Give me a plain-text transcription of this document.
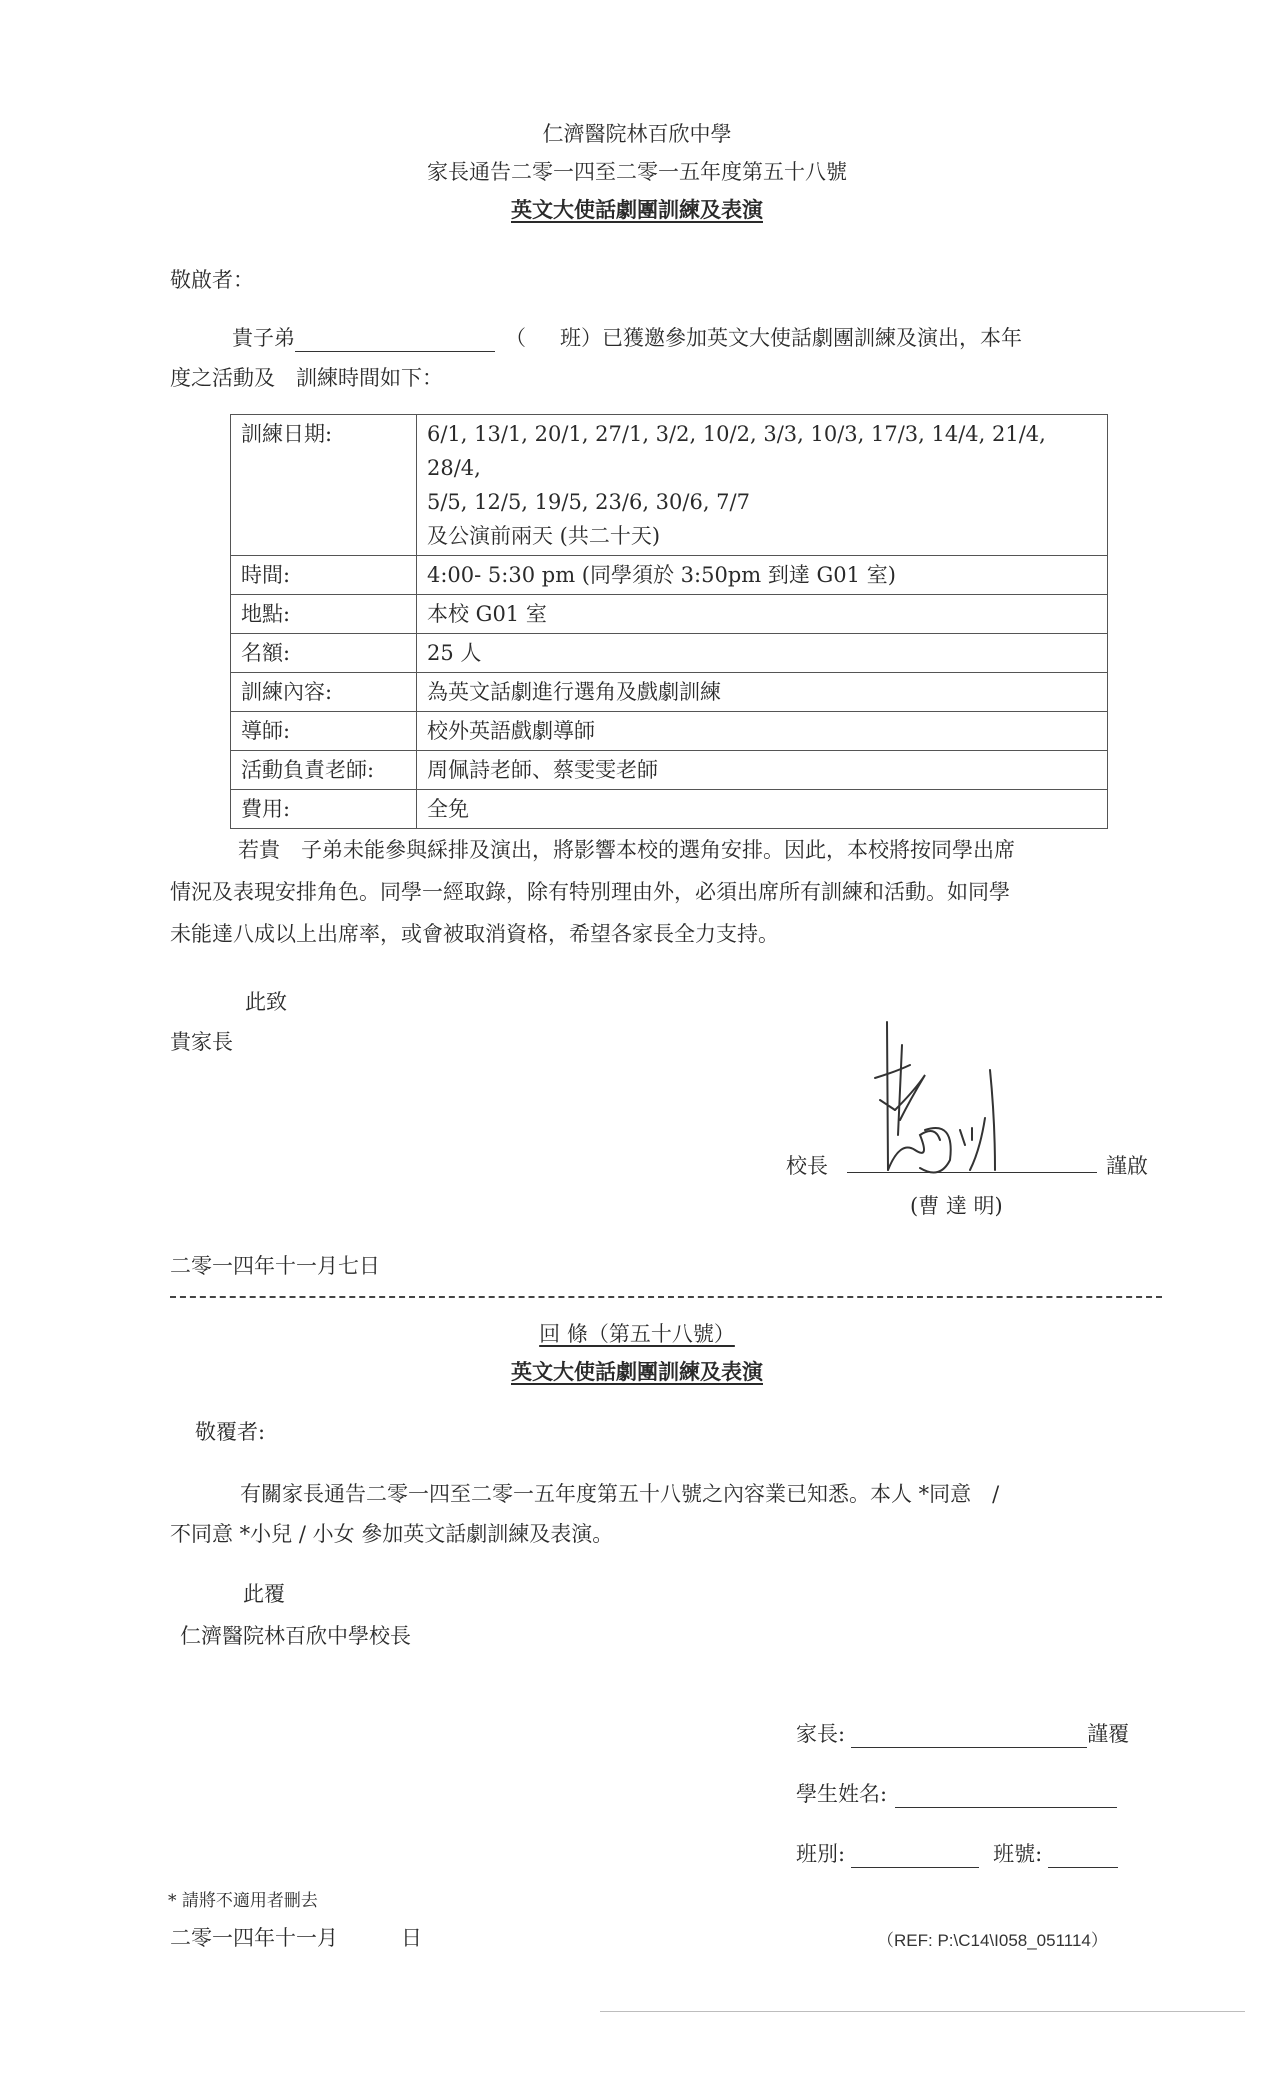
仁濟醫院林百欣中學
家長通告二零一四至二零一五年度第五十八號
英文大使話劇團訓練及表演
敬啟者：
貴子弟	（ 班）已獲邀參加英文大使話劇團訓練及演出，本年
度之活動及　訓練時間如下：
訓練日期:	6/1, 13/1, 20/1, 27/1, 3/2, 10/2, 3/3, 10/3, 17/3, 14/4, 21/4, 28/4,
5/5, 12/5, 19/5, 23/6, 30/6, 7/7
及公演前兩天 (共二十天)

時間:	4:00- 5:30 pm (同學須於 3:50pm 到達 G01 室)
地點:	本校 G01 室
名額:	25 人
訓練內容:	為英文話劇進行選角及戲劇訓練
導師:	校外英語戲劇導師
活動負責老師:	周佩詩老師、蔡雯雯老師
費用:	全免
若貴　子弟未能參與綵排及演出，將影響本校的選角安排。因此，本校將按同學出席
情況及表現安排角色。同學一經取錄，除有特別理由外，必須出席所有訓練和活動。如同學
未能達八成以上出席率，或會被取消資格，希望各家長全力支持。
此致
貴家長
校長	謹啟
(曹 達 明)
二零一四年十一月七日
回 條（第五十八號）
英文大使話劇團訓練及表演
敬覆者:
有關家長通告二零一四至二零一五年度第五十八號之內容業已知悉。本人 *同意　/
不同意 *小兒 / 小女 參加英文話劇訓練及表演。
此覆
仁濟醫院林百欣中學校長
家長:	謹覆
學生姓名:
班別:	班號:
* 請將不適用者刪去
二零一四年十一月　　　日	（REF: P:\C14\I058_051114）
